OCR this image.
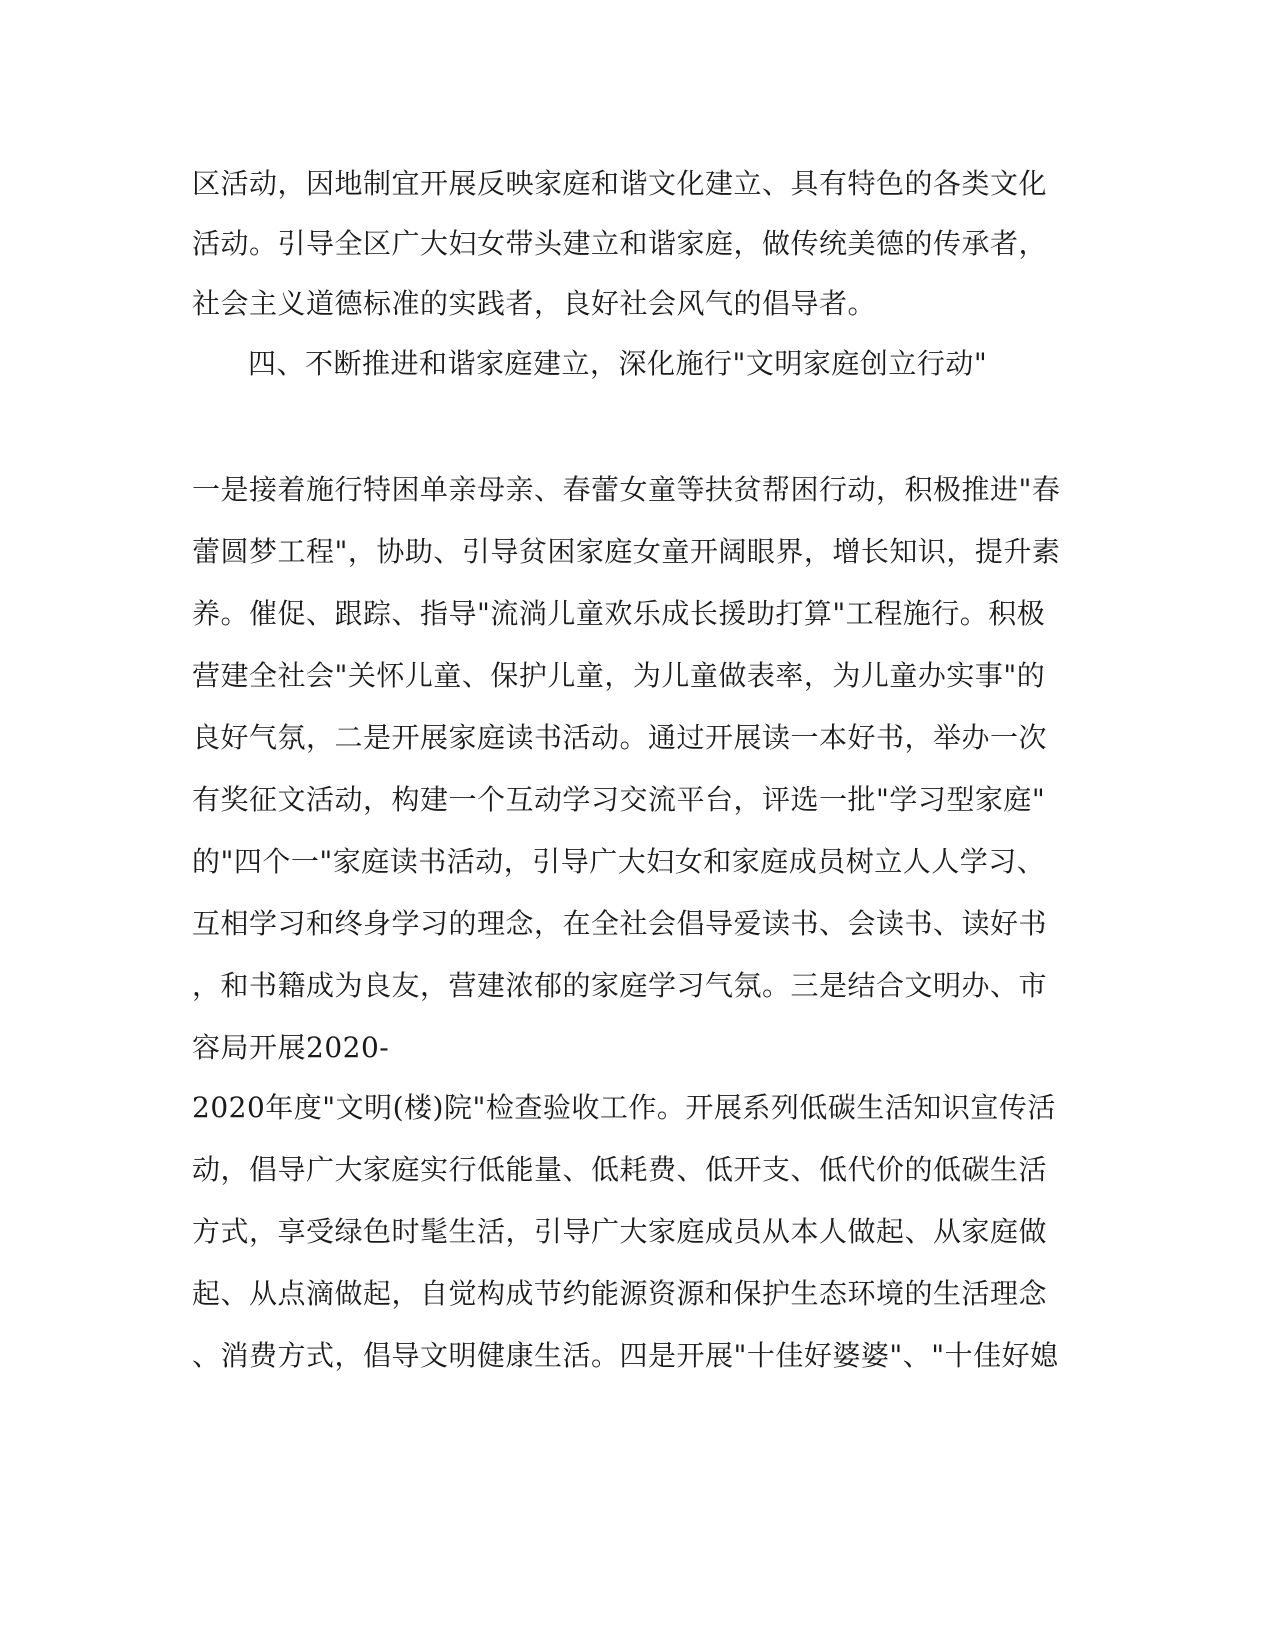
区活动，因地制宜开展反映家庭和谐文化建立、具有特色的各类文化
活动。引导全区广大妇女带头建立和谐家庭，做传统美德的传承者，
社会主义道德标准的实践者，良好社会风气的倡导者。
四、不断推进和谐家庭建立，深化施行"文明家庭创立行动"
一是接着施行特困单亲母亲、春蕾女童等扶贫帮困行动，积极推进"春
蕾圆梦工程"，协助、引导贫困家庭女童开阔眼界，增长知识，提升素
养。催促、跟踪、指导"流淌儿童欢乐成长援助打算"工程施行。积极
营建全社会"关怀儿童、保护儿童，为儿童做表率，为儿童办实事"的
良好气氛，二是开展家庭读书活动。通过开展读一本好书，举办一次
有奖征文活动，构建一个互动学习交流平台，评选一批"学习型家庭"
的"四个一"家庭读书活动，引导广大妇女和家庭成员树立人人学习、
互相学习和终身学习的理念，在全社会倡导爱读书、会读书、读好书
，和书籍成为良友，营建浓郁的家庭学习气氛。三是结合文明办、市
容局开展2020-
2020年度"文明(楼)院"检查验收工作。开展系列低碳生活知识宣传活
动，倡导广大家庭实行低能量、低耗费、低开支、低代价的低碳生活
方式，享受绿色时髦生活，引导广大家庭成员从本人做起、从家庭做
起、从点滴做起，自觉构成节约能源资源和保护生态环境的生活理念
、消费方式，倡导文明健康生活。四是开展"十佳好婆婆"、"十佳好媳
